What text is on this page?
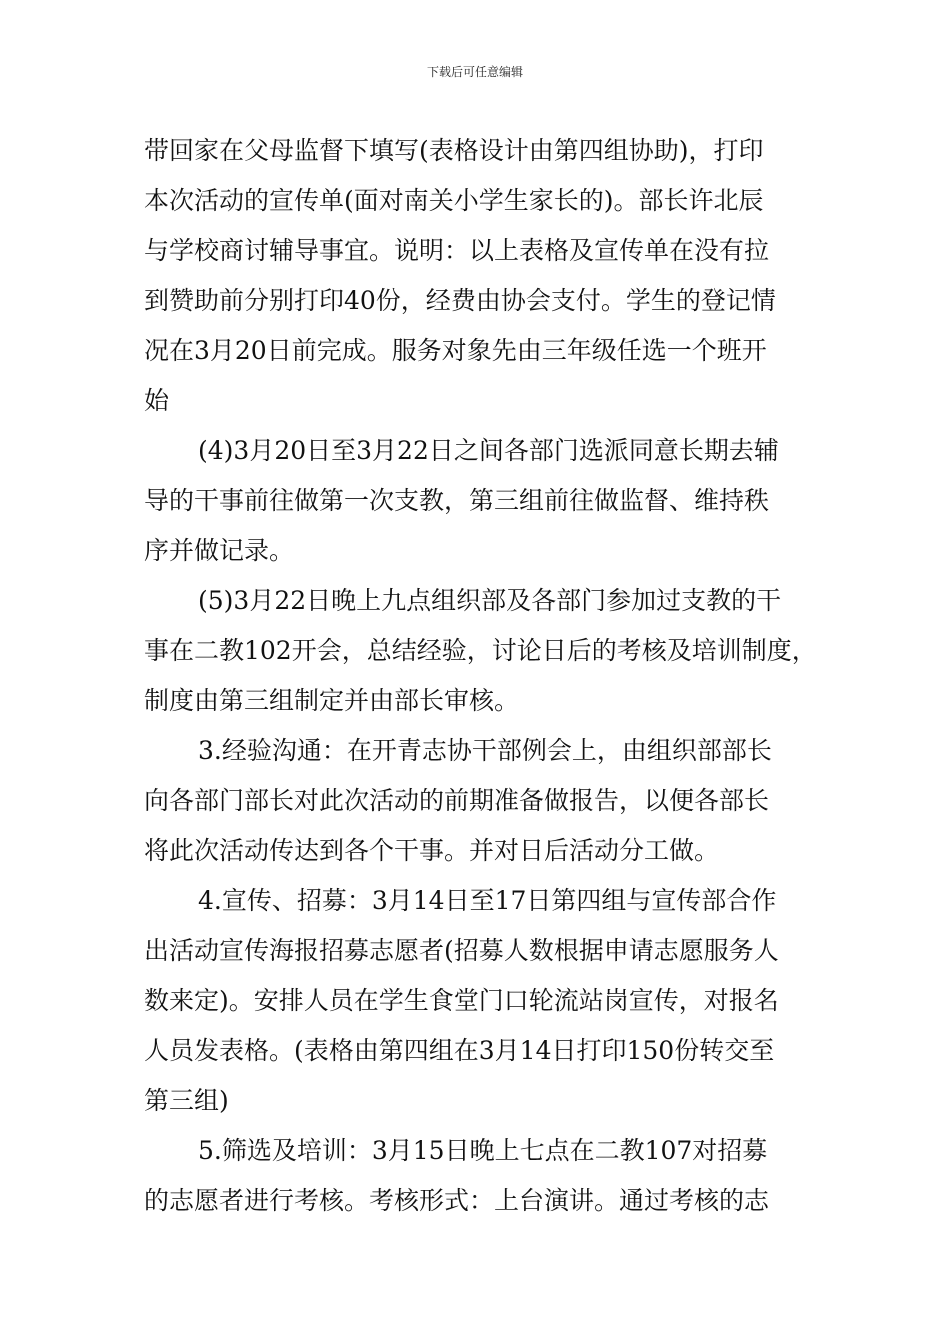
下载后可任意编辑
带回家在父母监督下填写(表格设计由第四组协助)，打印
本次活动的宣传单(面对南关小学生家长的)。部长许北辰
与学校商讨辅导事宜。说明：以上表格及宣传单在没有拉
到赞助前分别打印40份，经费由协会支付。学生的登记情
况在3月20日前完成。服务对象先由三年级任选一个班开
始
(4)3月20日至3月22日之间各部门选派同意长期去辅
导的干事前往做第一次支教，第三组前往做监督、维持秩
序并做记录。
(5)3月22日晚上九点组织部及各部门参加过支教的干
事在二教102开会，总结经验，讨论日后的考核及培训制度，
制度由第三组制定并由部长审核。
3.经验沟通：在开青志协干部例会上，由组织部部长
向各部门部长对此次活动的前期准备做报告，以便各部长
将此次活动传达到各个干事。并对日后活动分工做。
4.宣传、招募：3月14日至17日第四组与宣传部合作
出活动宣传海报招募志愿者(招募人数根据申请志愿服务人
数来定)。安排人员在学生食堂门口轮流站岗宣传，对报名
人员发表格。(表格由第四组在3月14日打印150份转交至
第三组)
5.筛选及培训：3月15日晚上七点在二教107对招募
的志愿者进行考核。考核形式：上台演讲。通过考核的志
